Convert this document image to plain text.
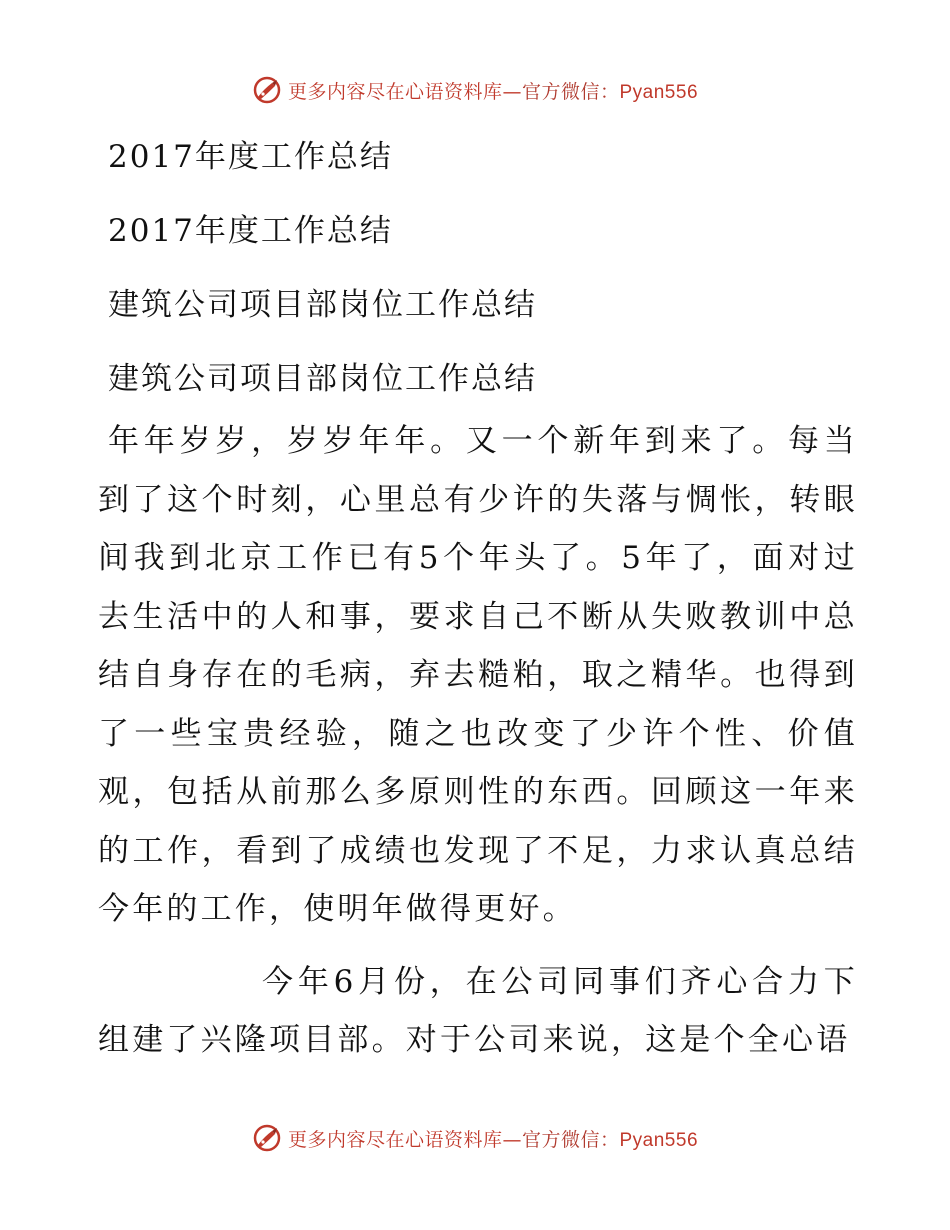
更多内容尽在心语资料库—官方微信：Pyan556
2017年度工作总结
2017年度工作总结
建筑公司项目部岗位工作总结
建筑公司项目部岗位工作总结

年年岁岁，岁岁年年。又一个新年到来了。每当到了这个时刻，心里总有少许的失落与惆怅，转眼间我到北京工作已有5个年头了。5年了，面对过去生活中的人和事，要求自己不断从失败教训中总结自身存在的毛病，弃去糙粕，取之精华。也得到了一些宝贵经验，随之也改变了少许个性、价值观，包括从前那么多原则性的东西。回顾这一年来的工作，看到了成绩也发现了不足，力求认真总结今年的工作，使明年做得更好。

今年6月份，在公司同事们齐心合力下组建了兴隆项目部。对于公司来说，这是个全心语

更多内容尽在心语资料库—官方微信：Pyan556
